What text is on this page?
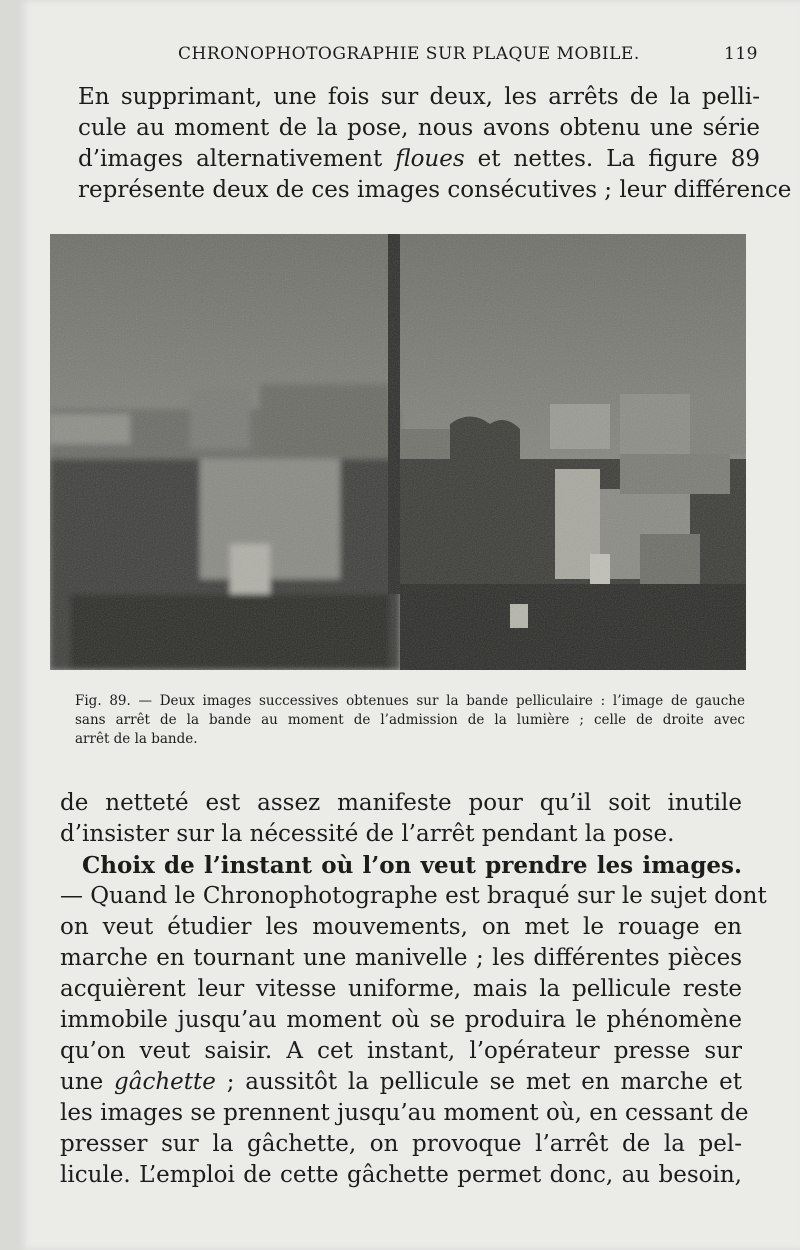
CHRONOPHOTOGRAPHIE SUR PLAQUE MOBILE.	119

En supprimant, une fois sur deux, les arrêts de la pelli-
cule au moment de la pose, nous avons obtenu une série
d’images alternativement floues et nettes. La figure 89
représente deux de ces images consécutives ; leur différence

Fig. 89. — Deux images successives obtenues sur la bande pelliculaire : l’image de gauche
sans arrêt de la bande au moment de l’admission de la lumière ; celle de droite avec
arrêt de la bande.

de netteté est assez manifeste pour qu’il soit inutile
d’insister sur la nécessité de l’arrêt pendant la pose.

Choix de l’instant où l’on veut prendre les images.
— Quand le Chronophotographe est braqué sur le sujet dont
on veut étudier les mouvements, on met le rouage en
marche en tournant une manivelle ; les différentes pièces
acquièrent leur vitesse uniforme, mais la pellicule reste
immobile jusqu’au moment où se produira le phénomène
qu’on veut saisir. A cet instant, l’opérateur presse sur
une gâchette ; aussitôt la pellicule se met en marche et
les images se prennent jusqu’au moment où, en cessant de
presser sur la gâchette, on provoque l’arrêt de la pel-
licule. L’emploi de cette gâchette permet donc, au besoin,
